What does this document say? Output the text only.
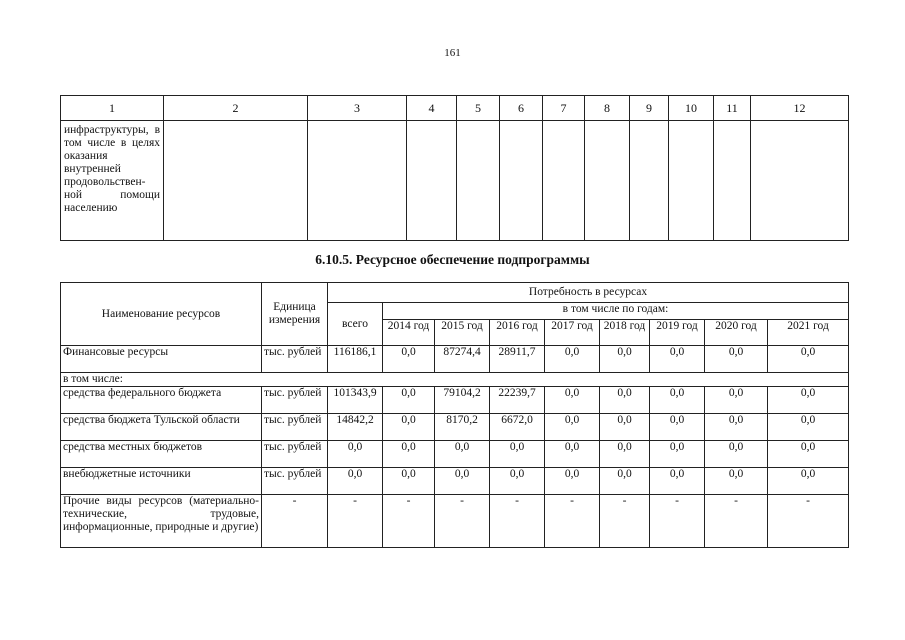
161
1	2	3	4	5	6	7	8	9	10	11	12
инфраструктуры, в том числе в целях оказания внутренней продовольствен-ной помощи населению											
6.10.5. Ресурсное обеспечение подпрограммы
Наименование ресурсов	Единица измерения	Потребность в ресурсах								
		всего	в том числе по годам:							
			2014 год	2015 год	2016 год	2017 год	2018 год	2019 год	2020 год	2021 год
Финансовые ресурсы	тыс. рублей	116186,1	0,0	87274,4	28911,7	0,0	0,0	0,0	0,0	0,0
в том числе:										
средства федерального бюджета	тыс. рублей	101343,9	0,0	79104,2	22239,7	0,0	0,0	0,0	0,0	0,0
средства бюджета Тульской области	тыс. рублей	14842,2	0,0	8170,2	6672,0	0,0	0,0	0,0	0,0	0,0
средства местных бюджетов	тыс. рублей	0,0	0,0	0,0	0,0	0,0	0,0	0,0	0,0	0,0
внебюджетные источники	тыс. рублей	0,0	0,0	0,0	0,0	0,0	0,0	0,0	0,0	0,0
Прочие виды ресурсов (материально-технические, трудовые, информационные, природные и другие)	-	-	-	-	-	-	-	-	-	-
